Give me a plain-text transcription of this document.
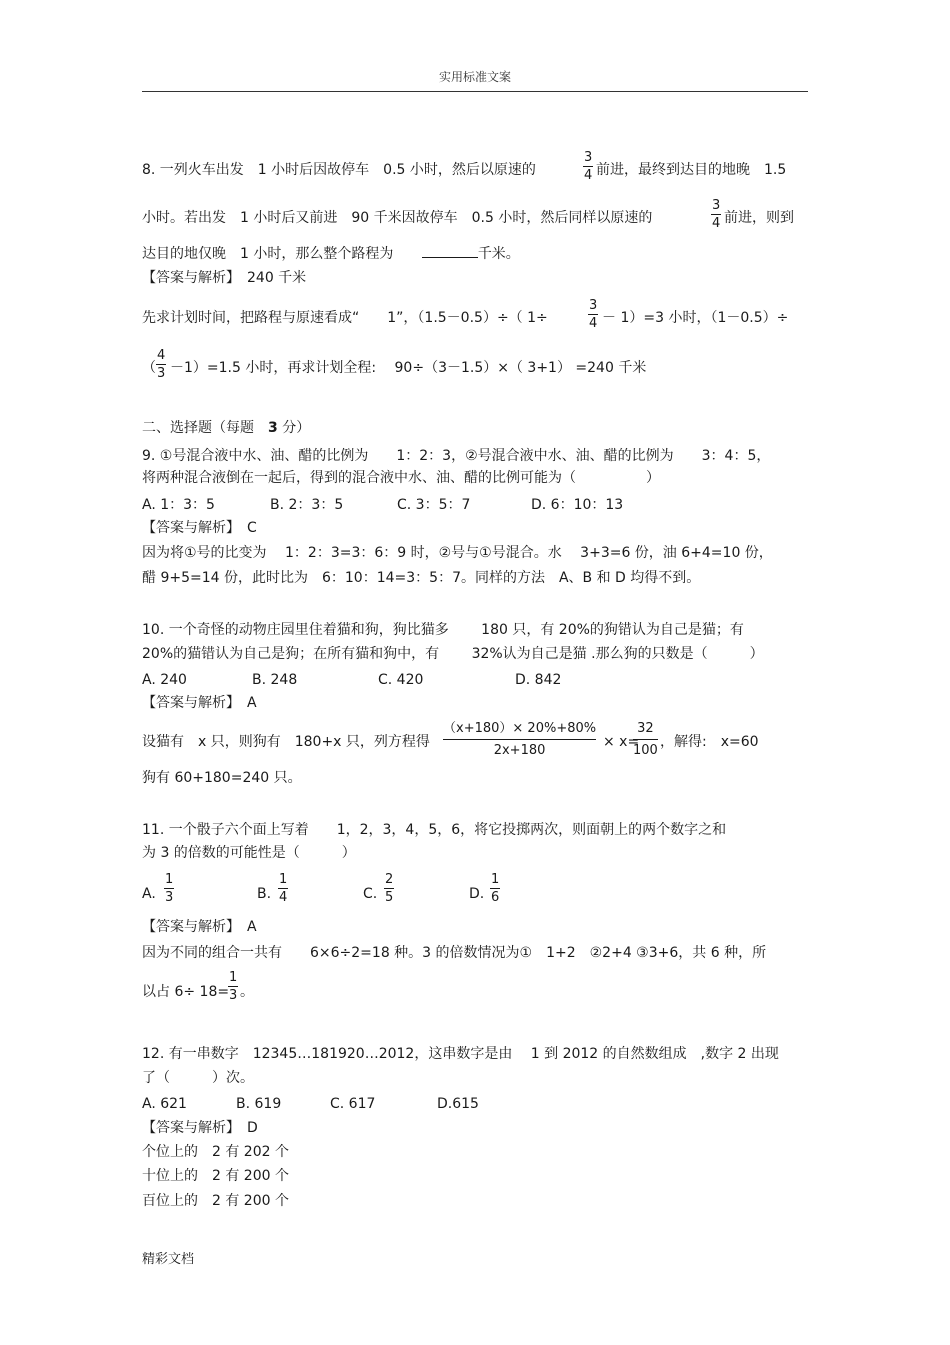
实用标准文案
8. 一列火车出发　1 小时后因故停车　0.5 小时，然后以原速的
3
4 前进，最终到达目的地晚　1.5
小时。若出发　1 小时后又前进　90 千米因故停车　0.5 小时，然后同样以原速的
3
4 前进，则到
达目的地仅晚　1 小时，那么整个路程为	千米。
【答案与解析】　240 千米
先求计划时间，把路程与原速看成“　　1”，（1.5－0.5）÷（ 1÷
3
4 － 1）=3 小时，（1－0.5）÷
（
4
3 －1）=1.5 小时，再求计划全程:　 90÷（3－1.5）×（ 3+1） =240 千米
二、选择题（每题　3 分）
9. ①号混合液中水、油、醋的比例为　　1：2：3，②号混合液中水、油、醋的比例为　　3：4：5，
将两种混合液倒在一起后，得到的混合液中水、油、醋的比例可能为（　　　　　）
A. 1：3：5	B. 2：3：5	C. 3：5：7	D. 6：10：13
【答案与解析】　C
因为将①号的比变为　 1：2：3=3：6：9 时，②号与①号混合。水　 3+3=6 份，油 6+4=10 份，
醋 9+5=14 份，此时比为　6：10：14=3：5：7。同样的方法　A、B 和 D 均得不到。
10. 一个奇怪的动物庄园里住着猫和狗，狗比猫多　　 180 只，有 20%的狗错认为自己是猫；有
20%的猫错认为自己是狗；在所有猫和狗中，有　　 32%认为自己是猫 .那么狗的只数是（　　　）
A. 240	B. 248	C. 420	D. 842
【答案与解析】　A
设猫有　x 只，则狗有　180+x 只，列方程得
（x+180）× 20%+80%
2x+180
× x=
32
100
，解得:　x=60
狗有 60+180=240 只。
11. 一个骰子六个面上写着　　1，2，3，4，5，6，将它投掷两次，则面朝上的两个数字之和
为 3 的倍数的可能性是（　　　）
A.
1
3	B.
1
4	C.
2
5	D.
1
6
【答案与解析】　A
因为不同的组合一共有　　6×6÷2=18 种。3 的倍数情况为①　1+2　②2+4 ③3+6，共 6 种，所
以占 6÷ 18=
1
3 。
12. 有一串数字　12345…181920…2012，这串数字是由　 1 到 2012 的自然数组成　,数字 2 出现
了（　　　）次。
A. 621	B. 619	C. 617	D.615
【答案与解析】　D
个位上的　2 有 202 个
十位上的　2 有 200 个
百位上的　2 有 200 个
精彩文档
